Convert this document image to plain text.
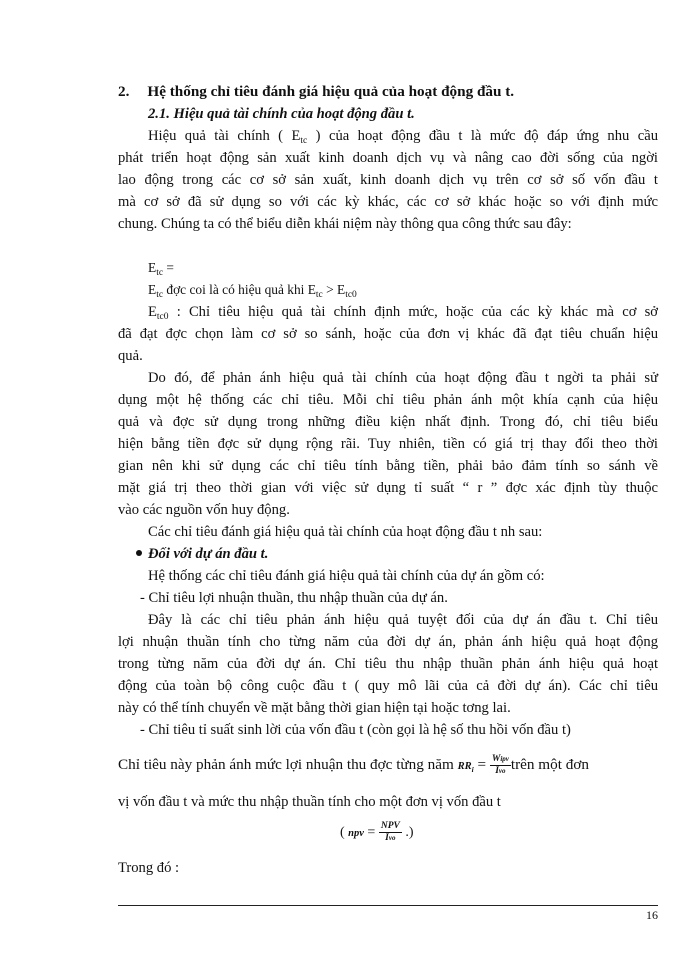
2. Hệ thống chỉ tiêu đánh giá hiệu quả của hoạt động đầu t.
2.1. Hiệu quả tài chính của hoạt động đầu t.
Hiệu quả tài chính ( $E_{tc}$ ) của hoạt động đầu t là mức độ đáp ứng nhu cầu
phát triển hoạt động sản xuất kinh doanh dịch vụ và nâng cao đời sống của ngời
lao động trong các cơ sở sản xuất, kinh doanh dịch vụ trên cơ sở số vốn đầu t
mà cơ sở đã sử dụng so với các kỳ khác, các cơ sở khác hoặc so với định mức
chung. Chúng ta có thể biểu diễn khái niệm này thông qua công thức sau đây:
$E_{tc}$ =
$E_{tc}$ đợc coi là có hiệu quả khi $E_{tc} > E_{tc0}$
$E_{tc0}$ : Chỉ tiêu hiệu quả tài chính định mức, hoặc của các kỳ khác mà cơ sở
đã đạt đợc chọn làm cơ sở so sánh, hoặc của đơn vị khác đã đạt tiêu chuẩn hiệu
quả.
Do đó, để phản ánh hiệu quả tài chính của hoạt động đầu t ngời ta phải sử
dụng một hệ thống các chỉ tiêu. Mỗi chỉ tiêu phản ánh một khía cạnh của hiệu
quả và đợc sử dụng trong những điều kiện nhất định. Trong đó, chỉ tiêu biểu
hiện bằng tiền đợc sử dụng rộng rãi. Tuy nhiên, tiền có giá trị thay đổi theo thời
gian nên khi sử dụng các chỉ tiêu tính bằng tiền, phải bảo đảm tính so sánh về
mặt giá trị theo thời gian với việc sử dụng tỉ suất “ r ” đợc xác định tùy thuộc
vào các nguồn vốn huy động.
Các chỉ tiêu đánh giá hiệu quả tài chính của hoạt động đầu t nh sau:
Đối với dự án đầu t.
Hệ thống các chỉ tiêu đánh giá hiệu quả tài chính của dự án gồm có:
- Chỉ tiêu lợi nhuận thuần, thu nhập thuần của dự án.
Đây là các chỉ tiêu phản ánh hiệu quả tuyệt đối của dự án đầu t. Chỉ tiêu
lợi nhuận thuần tính cho từng năm của đời dự án, phản ánh hiệu quả hoạt động
trong từng năm của đời dự án. Chỉ tiêu thu nhập thuần phản ánh hiệu quả hoạt
động của toàn bộ công cuộc đầu t ( quy mô lãi của cả đời dự án). Các chỉ tiêu
này có thể tính chuyển về mặt bằng thời gian hiện tại hoặc tơng lai.
- Chỉ tiêu tỉ suất sinh lời của vốn đầu t (còn gọi là hệ số thu hồi vốn đầu t)
Chỉ tiêu này phản ánh mức lợi nhuận thu đợc từng năm RRi = $\frac{\text{Wipv}}{\text{Ivo}}$ trên một đơn
vị vốn đầu t và mức thu nhập thuần tính cho một đơn vị vốn đầu t
( npv = $\frac{\text{NPV}}{\text{Ivo}}$ .)
Trong đó :
16
